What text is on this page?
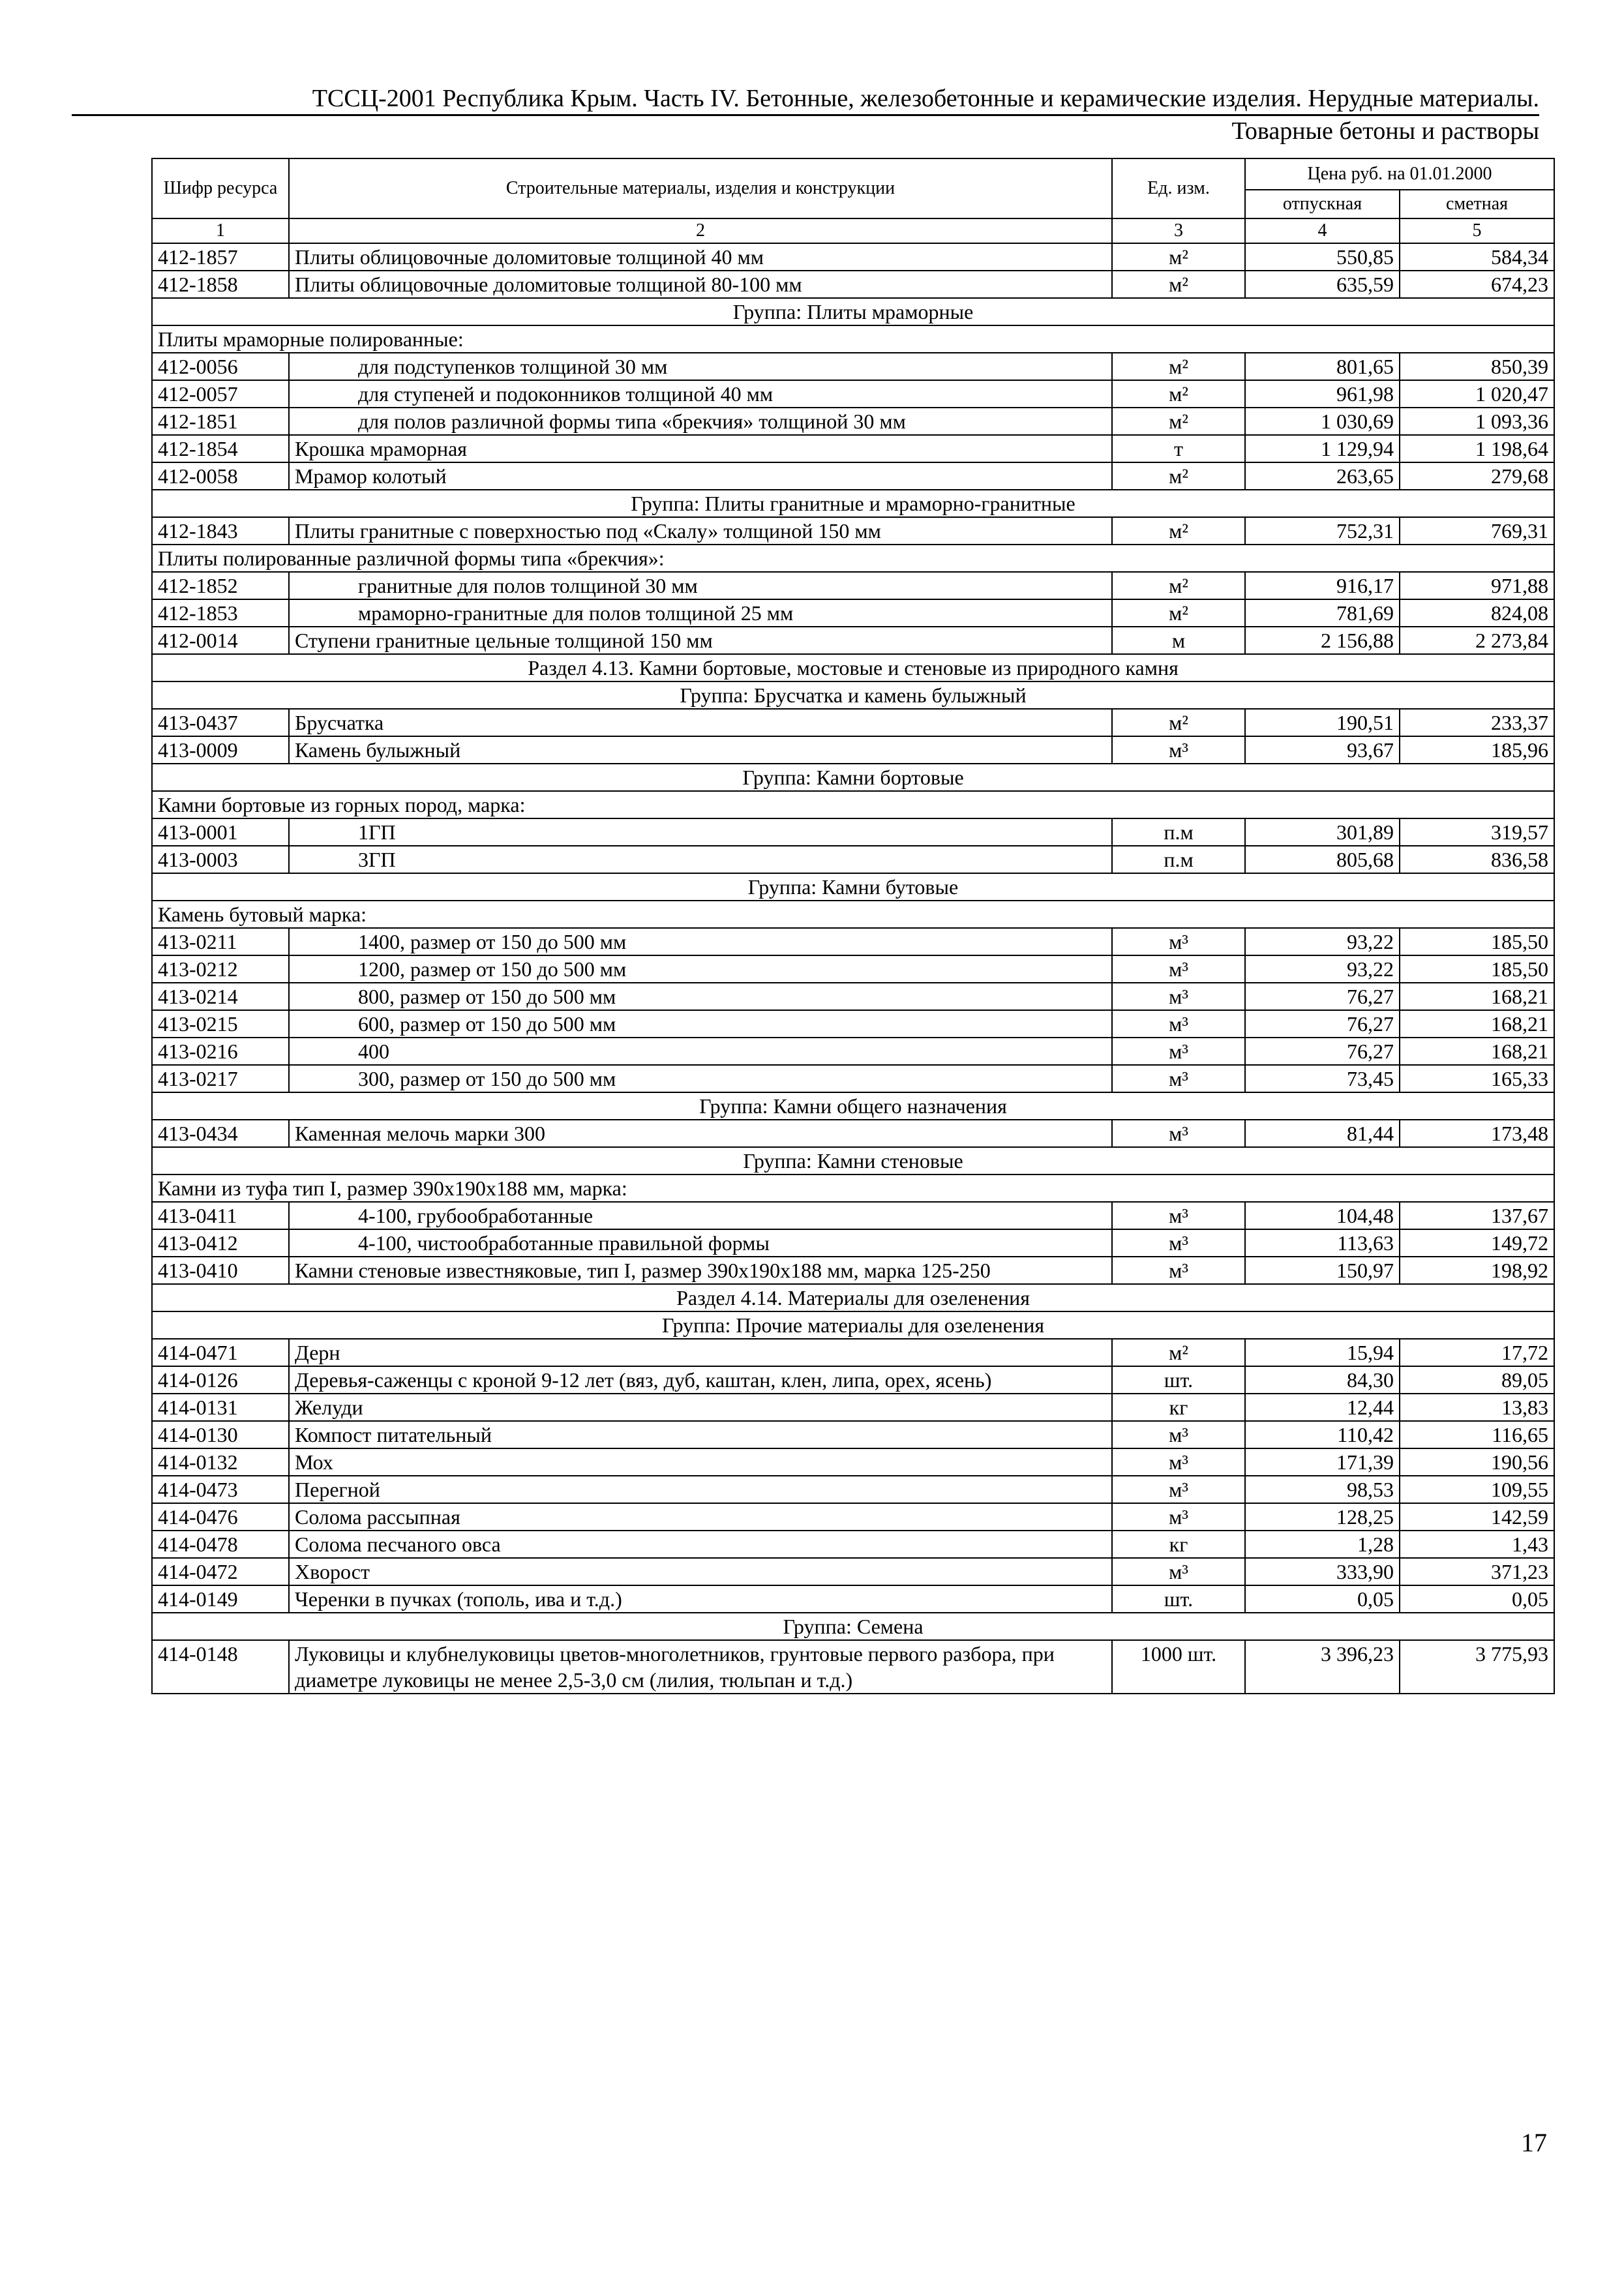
ТССЦ-2001 Республика Крым. Часть IV. Бетонные, железобетонные и керамические изделия. Нерудные материалы.
Товарные бетоны и растворы
Шифр ресурса	Строительные материалы, изделия и конструкции	Ед. изм.	Цена руб. на 01.01.2000	
			отпускная	сметная
1	2	3	4	5
412-1857	Плиты облицовочные доломитовые толщиной 40 мм	м²	550,85	584,34
412-1858	Плиты облицовочные доломитовые толщиной 80-100 мм	м²	635,59	674,23
Группа: Плиты мраморные				
Плиты мраморные полированные:				
412-0056	для подступенков толщиной 30 мм	м²	801,65	850,39
412-0057	для ступеней и подоконников толщиной 40 мм	м²	961,98	1 020,47
412-1851	для полов различной формы типа «брекчия» толщиной 30 мм	м²	1 030,69	1 093,36
412-1854	Крошка мраморная	т	1 129,94	1 198,64
412-0058	Мрамор колотый	м²	263,65	279,68
Группа: Плиты гранитные и мраморно-гранитные				
412-1843	Плиты гранитные с поверхностью под «Скалу» толщиной 150 мм	м²	752,31	769,31
Плиты полированные различной формы типа «брекчия»:				
412-1852	гранитные для полов толщиной 30 мм	м²	916,17	971,88
412-1853	мраморно-гранитные для полов толщиной 25 мм	м²	781,69	824,08
412-0014	Ступени гранитные цельные толщиной 150 мм	м	2 156,88	2 273,84
Раздел 4.13. Камни бортовые, мостовые и стеновые из природного камня				
Группа: Брусчатка и камень булыжный				
413-0437	Брусчатка	м²	190,51	233,37
413-0009	Камень булыжный	м³	93,67	185,96
Группа: Камни бортовые				
Камни бортовые из горных пород, марка:				
413-0001	1ГП	п.м	301,89	319,57
413-0003	3ГП	п.м	805,68	836,58
Группа: Камни бутовые				
Камень бутовый марка:				
413-0211	1400, размер от 150 до 500 мм	м³	93,22	185,50
413-0212	1200, размер от 150 до 500 мм	м³	93,22	185,50
413-0214	800, размер от 150 до 500 мм	м³	76,27	168,21
413-0215	600, размер от 150 до 500 мм	м³	76,27	168,21
413-0216	400	м³	76,27	168,21
413-0217	300, размер от 150 до 500 мм	м³	73,45	165,33
Группа: Камни общего назначения				
413-0434	Каменная мелочь марки 300	м³	81,44	173,48
Группа: Камни стеновые				
Камни из туфа тип I, размер 390x190x188 мм, марка:				
413-0411	4-100, грубообработанные	м³	104,48	137,67
413-0412	4-100, чистообработанные правильной формы	м³	113,63	149,72
413-0410	Камни стеновые известняковые, тип I, размер 390x190x188 мм, марка 125-250	м³	150,97	198,92
Раздел 4.14. Материалы для озеленения				
Группа: Прочие материалы для озеленения				
414-0471	Дерн	м²	15,94	17,72
414-0126	Деревья-саженцы с кроной 9-12 лет (вяз, дуб, каштан, клен, липа, орех, ясень)	шт.	84,30	89,05
414-0131	Желуди	кг	12,44	13,83
414-0130	Компост питательный	м³	110,42	116,65
414-0132	Мох	м³	171,39	190,56
414-0473	Перегной	м³	98,53	109,55
414-0476	Солома рассыпная	м³	128,25	142,59
414-0478	Солома песчаного овса	кг	1,28	1,43
414-0472	Хворост	м³	333,90	371,23
414-0149	Черенки в пучках (тополь, ива и т.д.)	шт.	0,05	0,05
Группа: Семена				
414-0148	Луковицы и клубнелуковицы цветов-многолетников, грунтовые первого разбора, при диаметре луковицы не менее 2,5-3,0 см (лилия, тюльпан и т.д.)	1000 шт.	3 396,23	3 775,93
17
